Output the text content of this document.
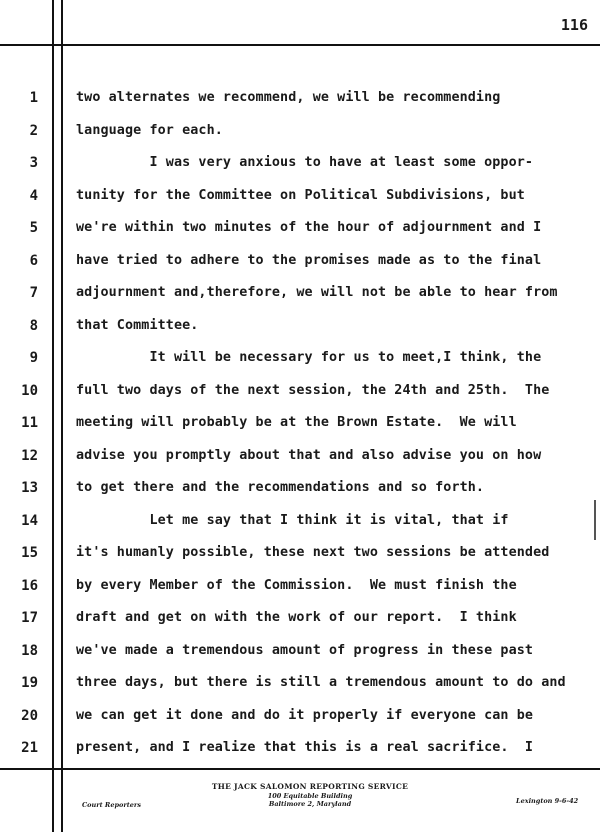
116
1
2
3
4
5
6
7
8
9
10
11
12
13
14
15
16
17
18
19
20
21
two alternates we recommend, we will be recommending
language for each.
I was very anxious to have at least some oppor-
tunity for the Committee on Political Subdivisions, but
we're within two minutes of the hour of adjournment and I
have tried to adhere to the promises made as to the final
adjournment and,therefore, we will not be able to hear from
that Committee.
It will be necessary for us to meet,I think, the
full two days of the next session, the 24th and 25th.  The
meeting will probably be at the Brown Estate.  We will
advise you promptly about that and also advise you on how
to get there and the recommendations and so forth.
Let me say that I think it is vital, that if
it's humanly possible, these next two sessions be attended
by every Member of the Commission.  We must finish the
draft and get on with the work of our report.  I think
we've made a tremendous amount of progress in these past
three days, but there is still a tremendous amount to do and
we can get it done and do it properly if everyone can be
present, and I realize that this is a real sacrifice.  I
THE JACK SALOMON REPORTING SERVICE
100 Equitable Building
Baltimore 2, Maryland
Court Reporters	Lexington 9-6-42
